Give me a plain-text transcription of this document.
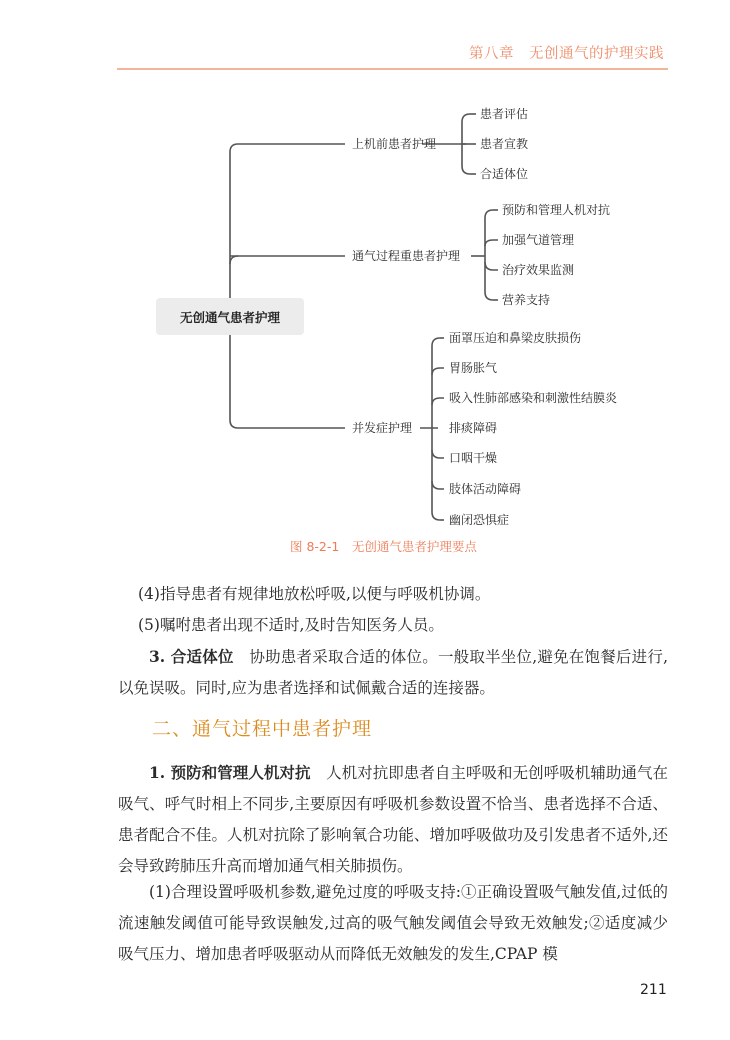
第八章　无创通气的护理实践
无创通气患者护理
上机前患者护理
患者评估
患者宣教
合适体位
通气过程重患者护理
预防和管理人机对抗
加强气道管理
治疗效果监测
营养支持
并发症护理
面罩压迫和鼻梁皮肤损伤
胃肠胀气
吸入性肺部感染和刺激性结膜炎
排痰障碍
口咽干燥
肢体活动障碍
幽闭恐惧症
图 8-2-1　无创通气患者护理要点
(4)指导患者有规律地放松呼吸,以便与呼吸机协调。
(5)嘱咐患者出现不适时,及时告知医务人员。
3. 合适体位　协助患者采取合适的体位。一般取半坐位,避免在饱餐后进行,以免误吸。同时,应为患者选择和试佩戴合适的连接器。
二、通气过程中患者护理
1. 预防和管理人机对抗　人机对抗即患者自主呼吸和无创呼吸机辅助通气在吸气、呼气时相上不同步,主要原因有呼吸机参数设置不恰当、患者选择不合适、患者配合不佳。人机对抗除了影响氧合功能、增加呼吸做功及引发患者不适外,还会导致跨肺压升高而增加通气相关肺损伤。
(1)合理设置呼吸机参数,避免过度的呼吸支持:①正确设置吸气触发值,过低的流速触发阈值可能导致误触发,过高的吸气触发阈值会导致无效触发;②适度减少吸气压力、增加患者呼吸驱动从而降低无效触发的发生,CPAP 模
211
